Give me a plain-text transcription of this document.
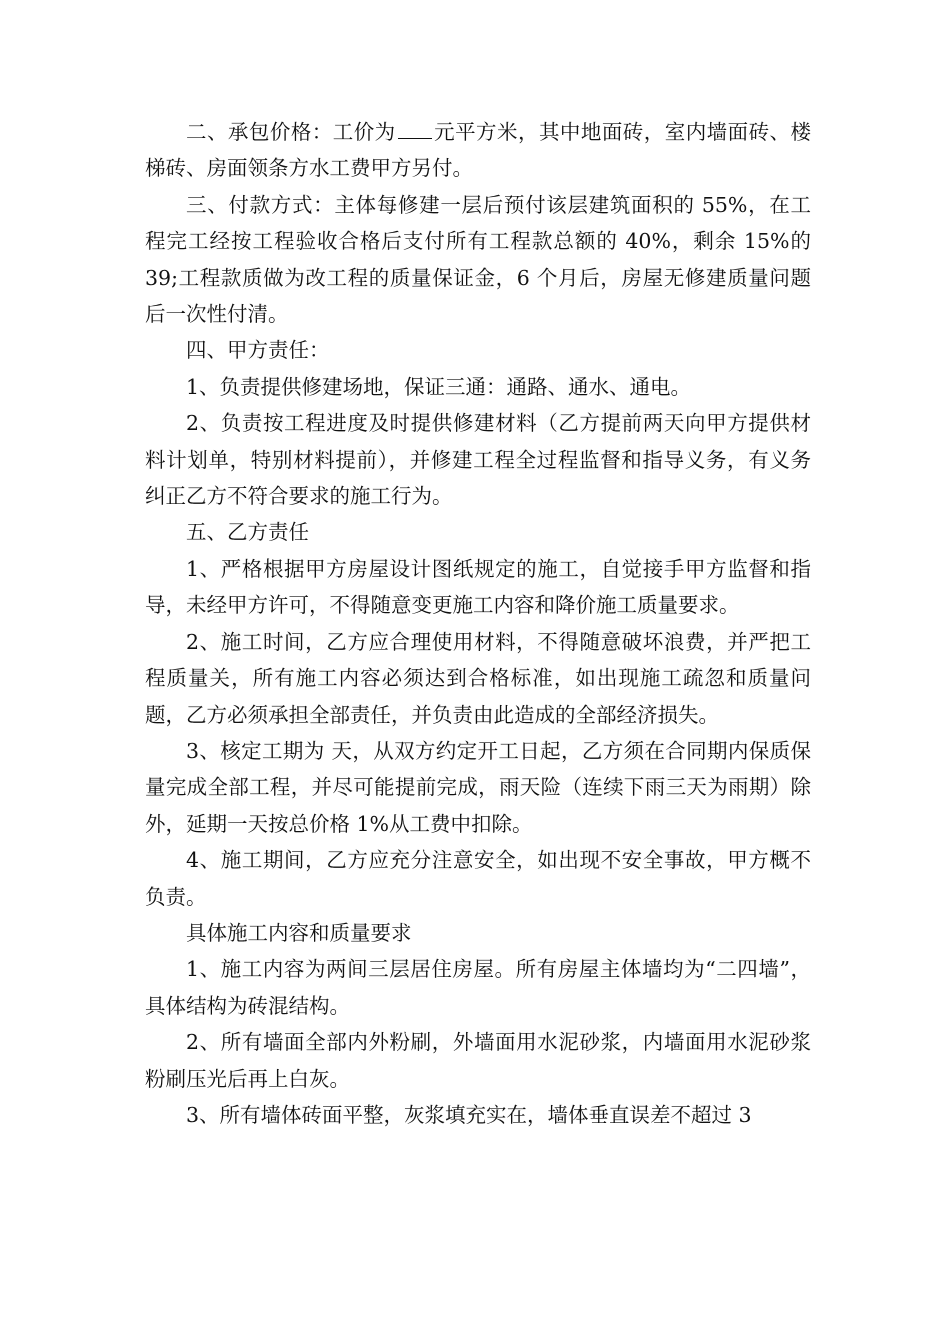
二、承包价格：工价为 元平方米，其中地面砖，室内墙面砖、楼梯砖、房面领条方水工费甲方另付。

三、付款方式：主体每修建一层后预付该层建筑面积的 55%，在工程完工经按工程验收合格后支付所有工程款总额的 40%，剩余 15%的 39;工程款质做为改工程的质量保证金，6 个月后，房屋无修建质量问题后一次性付清。

四、甲方责任：

1、负责提供修建场地，保证三通：通路、通水、通电。

2、负责按工程进度及时提供修建材料（乙方提前两天向甲方提供材料计划单，特别材料提前），并修建工程全过程监督和指导义务，有义务纠正乙方不符合要求的施工行为。

五、乙方责任

1、严格根据甲方房屋设计图纸规定的施工，自觉接手甲方监督和指导，未经甲方许可，不得随意变更施工内容和降价施工质量要求。

2、施工时间，乙方应合理使用材料，不得随意破坏浪费，并严把工程质量关，所有施工内容必须达到合格标准，如出现施工疏忽和质量问题，乙方必须承担全部责任，并负责由此造成的全部经济损失。

3、核定工期为 天，从双方约定开工日起，乙方须在合同期内保质保量完成全部工程，并尽可能提前完成，雨天险（连续下雨三天为雨期）除外，延期一天按总价格 1%从工费中扣除。

4、施工期间，乙方应充分注意安全，如出现不安全事故，甲方概不负责。

具体施工内容和质量要求

1、施工内容为两间三层居住房屋。所有房屋主体墙均为“二四墙”，具体结构为砖混结构。

2、所有墙面全部内外粉刷，外墙面用水泥砂浆，内墙面用水泥砂浆粉刷压光后再上白灰。

3、所有墙体砖面平整，灰浆填充实在，墙体垂直误差不超过 3
